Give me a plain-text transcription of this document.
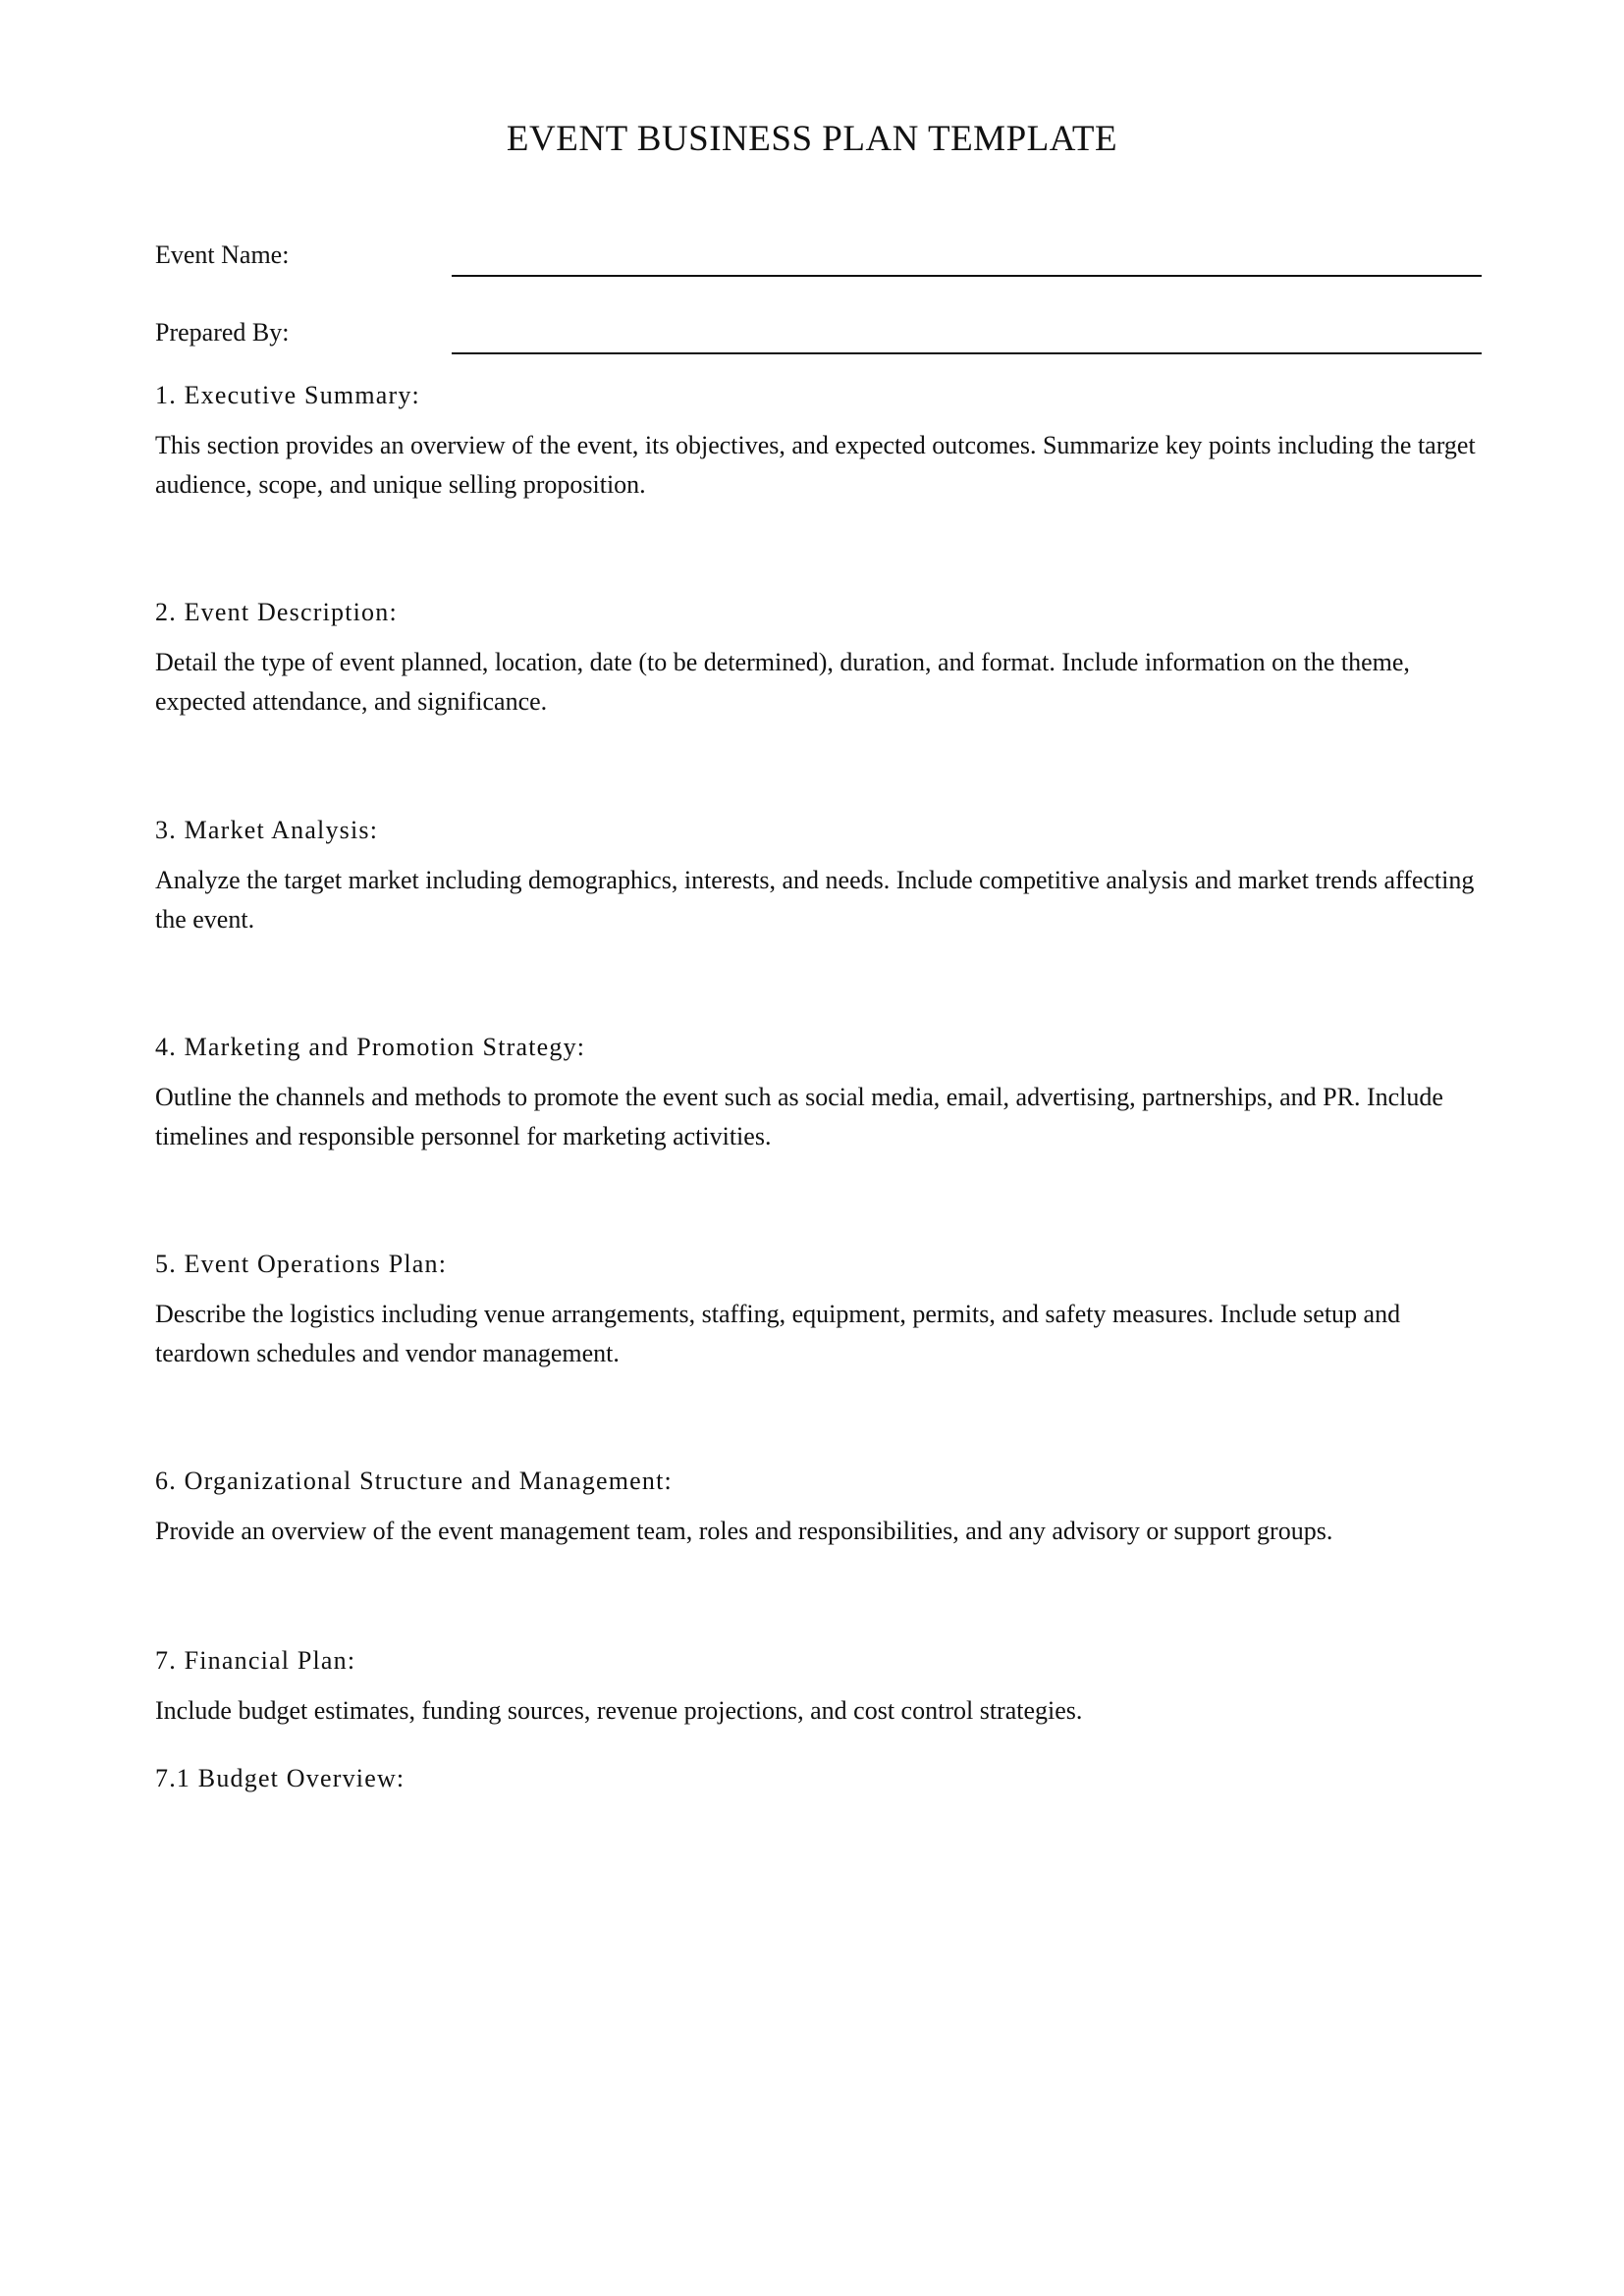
EVENT BUSINESS PLAN TEMPLATE
Event Name:
Prepared By:
1. Executive Summary:

This section provides an overview of the event, its objectives, and expected outcomes. Summarize key points including the target audience, scope, and unique selling proposition.

2. Event Description:

Detail the type of event planned, location, date (to be determined), duration, and format. Include information on the theme, expected attendance, and significance.

3. Market Analysis:

Analyze the target market including demographics, interests, and needs. Include competitive analysis and market trends affecting the event.

4. Marketing and Promotion Strategy:

Outline the channels and methods to promote the event such as social media, email, advertising, partnerships, and PR. Include timelines and responsible personnel for marketing activities.

5. Event Operations Plan:

Describe the logistics including venue arrangements, staffing, equipment, permits, and safety measures. Include setup and teardown schedules and vendor management.

6. Organizational Structure and Management:

Provide an overview of the event management team, roles and responsibilities, and any advisory or support groups.

7. Financial Plan:

Include budget estimates, funding sources, revenue projections, and cost control strategies.

7.1 Budget Overview:
